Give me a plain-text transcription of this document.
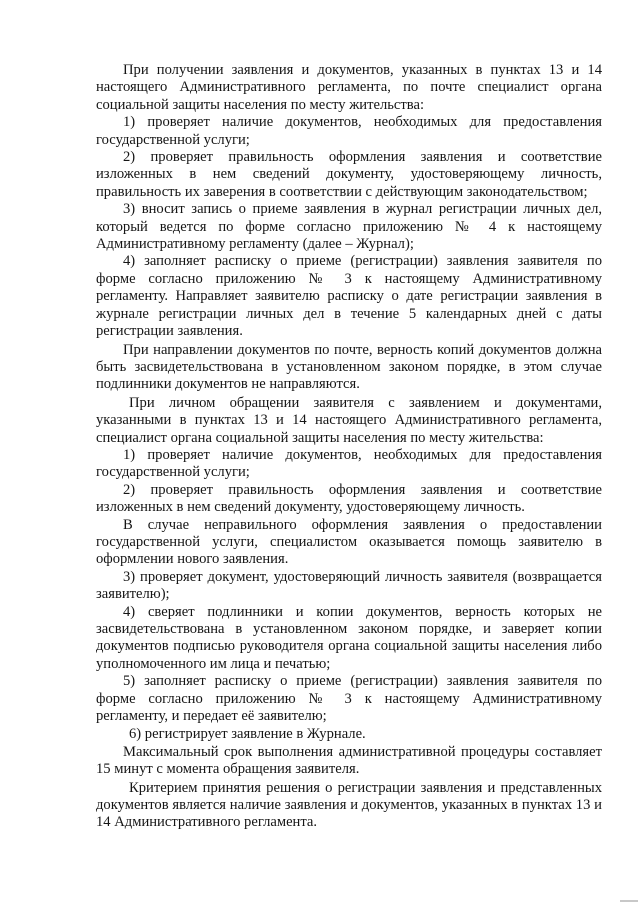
При получении заявления и документов, указанных в пунктах 13 и 14 настоящего Административного регламента, по почте специалист органа социальной защиты населения по месту жительства:

1) проверяет наличие документов, необходимых для предоставления государственной услуги;

2) проверяет правильность оформления заявления и соответствие изложенных в нем сведений документу, удостоверяющему личность, правильность их заверения в соответствии с действующим законодательством;

3) вносит запись о приеме заявления в журнал регистрации личных дел, который ведется по форме согласно приложению № 4 к настоящему Административному регламенту (далее – Журнал);

4) заполняет расписку о приеме (регистрации) заявления заявителя по форме согласно приложению № 3 к настоящему Административному регламенту. Направляет заявителю расписку о дате регистрации заявления в журнале регистрации личных дел в течение 5 календарных дней с даты регистрации заявления.

При направлении документов по почте, верность копий документов должна быть засвидетельствована в установленном законом порядке, в этом случае подлинники документов не направляются.

При личном обращении заявителя с заявлением и документами, указанными в пунктах 13 и 14 настоящего Административного регламента, специалист органа социальной защиты населения по месту жительства:

1) проверяет наличие документов, необходимых для предоставления государственной услуги;

2) проверяет правильность оформления заявления и соответствие изложенных в нем сведений документу, удостоверяющему личность.

В случае неправильного оформления заявления о предоставлении государственной услуги, специалистом оказывается помощь заявителю в оформлении нового заявления.

3) проверяет документ, удостоверяющий личность заявителя (возвращается заявителю);

4) сверяет подлинники и копии документов, верность которых не засвидетельствована в установленном законом порядке, и заверяет копии документов подписью руководителя органа социальной защиты населения либо уполномоченного им лица и печатью;

5) заполняет расписку о приеме (регистрации) заявления заявителя по форме согласно приложению № 3 к настоящему Административному регламенту, и передает её заявителю;

6) регистрирует заявление в Журнале.

Максимальный срок выполнения административной процедуры составляет 15 минут с момента обращения заявителя.

Критерием принятия решения о регистрации заявления и представленных документов является наличие заявления и документов, указанных в пунктах 13 и 14 Административного регламента.
